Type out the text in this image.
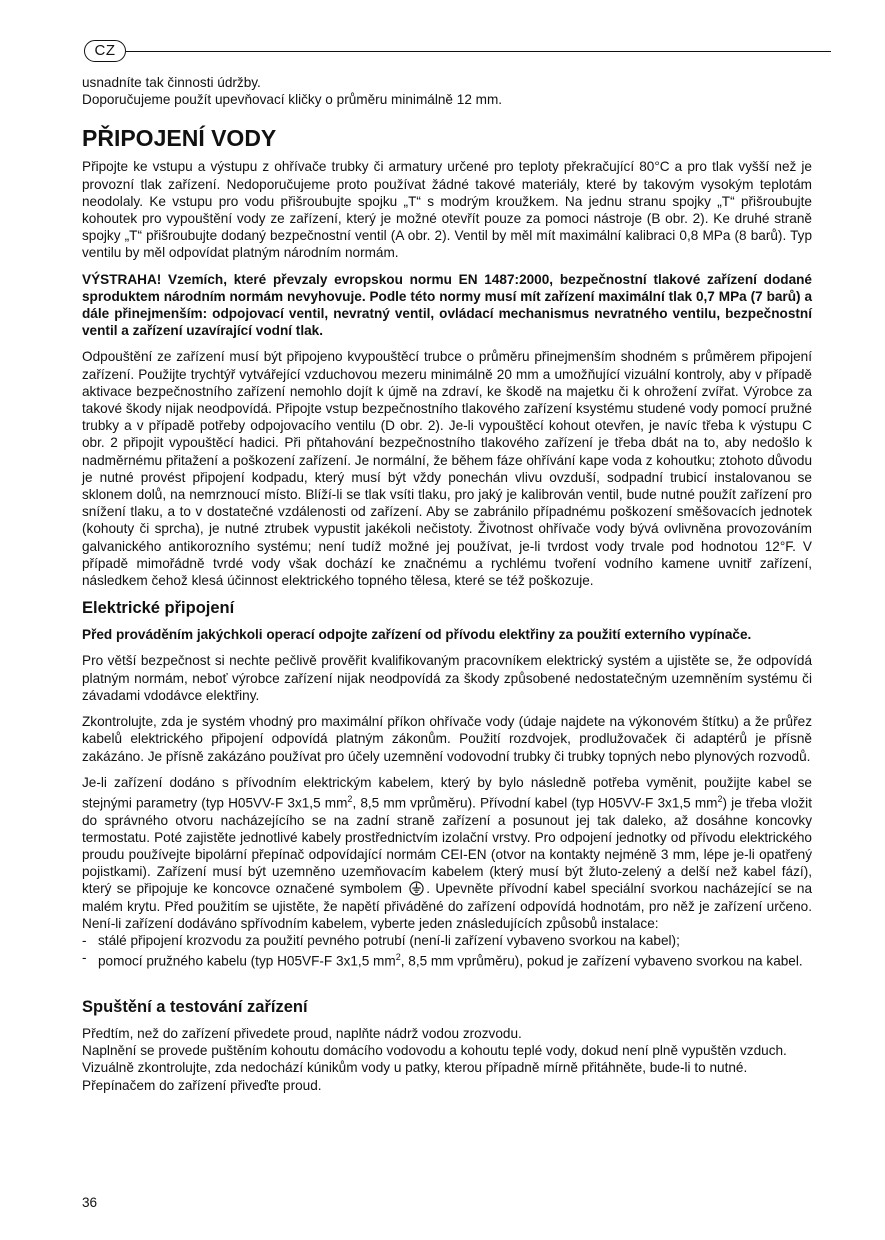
CZ

usnadníte tak činnosti údržby.

Doporučujeme použít upevňovací kličky o průměru minimálně 12 mm.

PŘIPOJENÍ VODY

Připojte ke vstupu a výstupu z ohřívače trubky či armatury určené pro teploty překračující 80°C a pro tlak vyšší než je provozní tlak zařízení. Nedoporučujeme proto používat žádné takové materiály, které by takovým vysokým teplotám neodolaly. Ke vstupu pro vodu přišroubujte spojku „T“ s modrým kroužkem. Na jednu stranu spojky „T“ přišroubujte kohoutek pro vypouštění vody ze zařízení, který je možné otevřít pouze za pomoci nástroje (B obr. 2). Ke druhé straně spojky „T“ přišroubujte dodaný bezpečnostní ventil (A obr. 2). Ventil by měl mít maximální kalibraci 0,8 MPa (8 barů). Typ ventilu by měl odpovídat platným národním normám.

VÝSTRAHA! Vzemích, které převzaly evropskou normu EN 1487:2000, bezpečnostní tlakové zařízení dodané sproduktem národním normám nevyhovuje. Podle této normy musí mít zařízení maximální tlak 0,7 MPa (7 barů) a dále přinejmenším: odpojovací ventil, nevratný ventil, ovládací mechanismus nevratného ventilu, bezpečnostní ventil a zařízení uzavírající vodní tlak.

Odpouštění ze zařízení musí být připojeno kvypouštěcí trubce o průměru přinejmenším shodném s průměrem připojení zařízení. Použijte trychtýř vytvářející vzduchovou mezeru minimálně 20 mm a umožňující vizuální kontroly, aby v případě aktivace bezpečnostního zařízení nemohlo dojít k újmě na zdraví, ke škodě na majetku či k ohrožení zvířat. Výrobce za takové škody nijak neodpovídá. Připojte vstup bezpečnostního tlakového zařízení ksystému studené vody pomocí pružné trubky a v případě potřeby odpojovacího ventilu (D obr. 2). Je-li vypouštěcí kohout otevřen, je navíc třeba k výstupu C obr. 2 připojit vypouštěcí hadici. Při pňtahování bezpečnostního tlakového zařízení je třeba dbát na to, aby nedošlo k nadměrnému přitažení a poškození zařízení. Je normální, že během fáze ohřívání kape voda z kohoutku; ztohoto důvodu je nutné provést připojení kodpadu, který musí být vždy ponechán vlivu ovzduší, sodpadní trubicí instalovanou se sklonem dolů, na nemrznoucí místo. Blíží-li se tlak vsíti tlaku, pro jaký je kalibrován ventil, bude nutné použít zařízení pro snížení tlaku, a to v dostatečné vzdálenosti od zařízení. Aby se zabránilo případnému poškození směšovacích jednotek (kohouty či sprcha), je nutné ztrubek vypustit jakékoli nečistoty. Životnost ohřívače vody bývá ovlivněna provozováním galvanického antikorozního systému; není tudíž možné jej používat, je-li tvrdost vody trvale pod hodnotou 12°F. V případě mimořádně tvrdé vody však dochází ke značnému a rychlému tvoření vodního kamene uvnitř zařízení, následkem čehož klesá účinnost elektrického topného tělesa, které se též poškozuje.

Elektrické připojení

Před prováděním jakýchkoli operací odpojte zařízení od přívodu elektřiny za použití externího vypínače.

Pro větší bezpečnost si nechte pečlivě prověřit kvalifikovaným pracovníkem elektrický systém a ujistěte se, že odpovídá platným normám, neboť výrobce zařízení nijak neodpovídá za škody způsobené nedostatečným uzemněním systému či závadami vdodávce elektřiny.

Zkontrolujte, zda je systém vhodný pro maximální příkon ohřívače vody (údaje najdete na výkonovém štítku) a že průřez kabelů elektrického připojení odpovídá platným zákonům. Použití rozdvojek, prodlužovaček či adaptérů je přísně zakázáno. Je přísně zakázáno používat pro účely uzemnění vodovodní trubky či trubky topných nebo plynových rozvodů.

Je-li zařízení dodáno s přívodním elektrickým kabelem, který by bylo následně potřeba vyměnit, použijte kabel se stejnými parametry (typ H05VV-F 3x1,5 $mm^2$, 8,5 mm vprůměru). Přívodní kabel (typ H05VV-F 3x1,5 $mm^2$) je třeba vložit do správného otvoru nacházejícího se na zadní straně zařízení a posunout jej tak daleko, až dosáhne koncovky termostatu. Poté zajistěte jednotlivé kabely prostřednictvím izolační vrstvy. Pro odpojení jednotky od přívodu elektrického proudu používejte bipolární přepínač odpovídající normám CEI-EN (otvor na kontakty nejméně 3 mm, lépe je-li opatřený pojistkami). Zařízení musí být uzemněno uzemňovacím kabelem (který musí být žluto-zelený a delší než kabel fází), který se připojuje ke koncovce označené symbolem . Upevněte přívodní kabel speciální svorkou nacházející se na malém krytu. Před použitím se ujistěte, že napětí přiváděné do zařízení odpovídá hodnotám, pro něž je zařízení určeno. Není-li zařízení dodáváno spřívodním kabelem, vyberte jeden znásledujících způsobů instalace:

- stálé připojení krozvodu za použití pevného potrubí (není-li zařízení vybaveno svorkou na kabel);
- pomocí pružného kabelu (typ H05VF-F 3x1,5 $mm^2$, 8,5 mm vprůměru), pokud je zařízení vybaveno svorkou na kabel.
Spuštění a testování zařízení

Předtím, než do zařízení přivedete proud, naplňte nádrž vodou zrozvodu.

Naplnění se provede puštěním kohoutu domácího vodovodu a kohoutu teplé vody, dokud není plně vypuštěn vzduch.

Vizuálně zkontrolujte, zda nedochází kúnikům vody u patky, kterou případně mírně přitáhněte, bude-li to nutné.

Přepínačem do zařízení přiveďte proud.

36
